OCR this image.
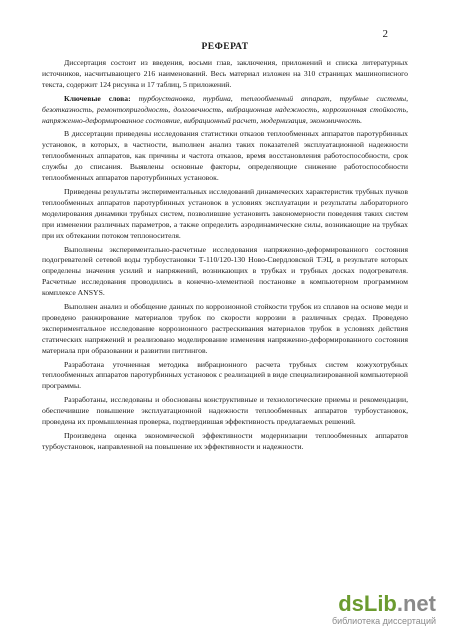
2
РЕФЕРАТ

Диссертация состоит из введения, восьми глав, заключения, приложений и списка литературных источников, насчитывающего 216 наименований. Весь материал изложен на 310 страницах машинописного текста, содержит 124 рисунка и 17 таблиц, 5 приложений.

Ключевые слова: турбоустановка, турбина, теплообменный аппарат, трубные системы, безотказность, ремонтопригодность, долговечность, вибрационная надежность, коррозионная стойкость, напряженно-деформированное состояние, вибрационный расчет, модернизация, экономичность.

В диссертации приведены исследования статистики отказов теплообменных аппаратов паротурбинных установок, в которых, в частности, выполнен анализ таких показателей эксплуатационной надежности теплообменных аппаратов, как причины и частота отказов, время восстановления работоспособности, срок службы до списания. Выявлены основные факторы, определяющие снижение работоспособности теплообменных аппаратов паротурбинных установок.

Приведены результаты экспериментальных исследований динамических характеристик трубных пучков теплообменных аппаратов паротурбинных установок в условиях эксплуатации и результаты лабораторного моделирования динамики трубных систем, позволившие установить закономерности поведения таких систем при изменении различных параметров, а также определить аэродинамические силы, возникающие на трубках при их обтекании потоком теплоносителя.

Выполнены экспериментально-расчетные исследования напряженно-деформированного состояния подогревателей сетевой воды турбоустановки Т-110/120-130 Ново-Свердловской ТЭЦ, в результате которых определены значения усилий и напряжений, возникающих в трубках и трубных досках подогревателя. Расчетные исследования проводились в конечно-элементной постановке в компьютерном программном комплексе ANSYS.

Выполнен анализ и обобщение данных по коррозионной стойкости трубок из сплавов на основе меди и проведено ранжирование материалов трубок по скорости коррозии в различных средах. Проведено экспериментальное исследование коррозионного растрескивания материалов трубок в условиях действия статических напряжений и реализовано моделирование изменения напряженно-деформированного состояния материала при образовании и развитии питтингов.

Разработана уточненная методика вибрационного расчета трубных систем кожухотрубных теплообменных аппаратов паротурбинных установок с реализацией в виде специализированной компьютерной программы.

Разработаны, исследованы и обоснованы конструктивные и технологические приемы и рекомендации, обеспечившие повышение эксплуатационной надежности теплообменных аппаратов турбоустановок, проведена их промышленная проверка, подтвердившая эффективность предлагаемых решений.

Произведена оценка экономической эффективности модернизации теплообменных аппаратов турбоустановок, направленной на повышение их эффективности и надежности.

dsLib.net
библиотека диссертаций
